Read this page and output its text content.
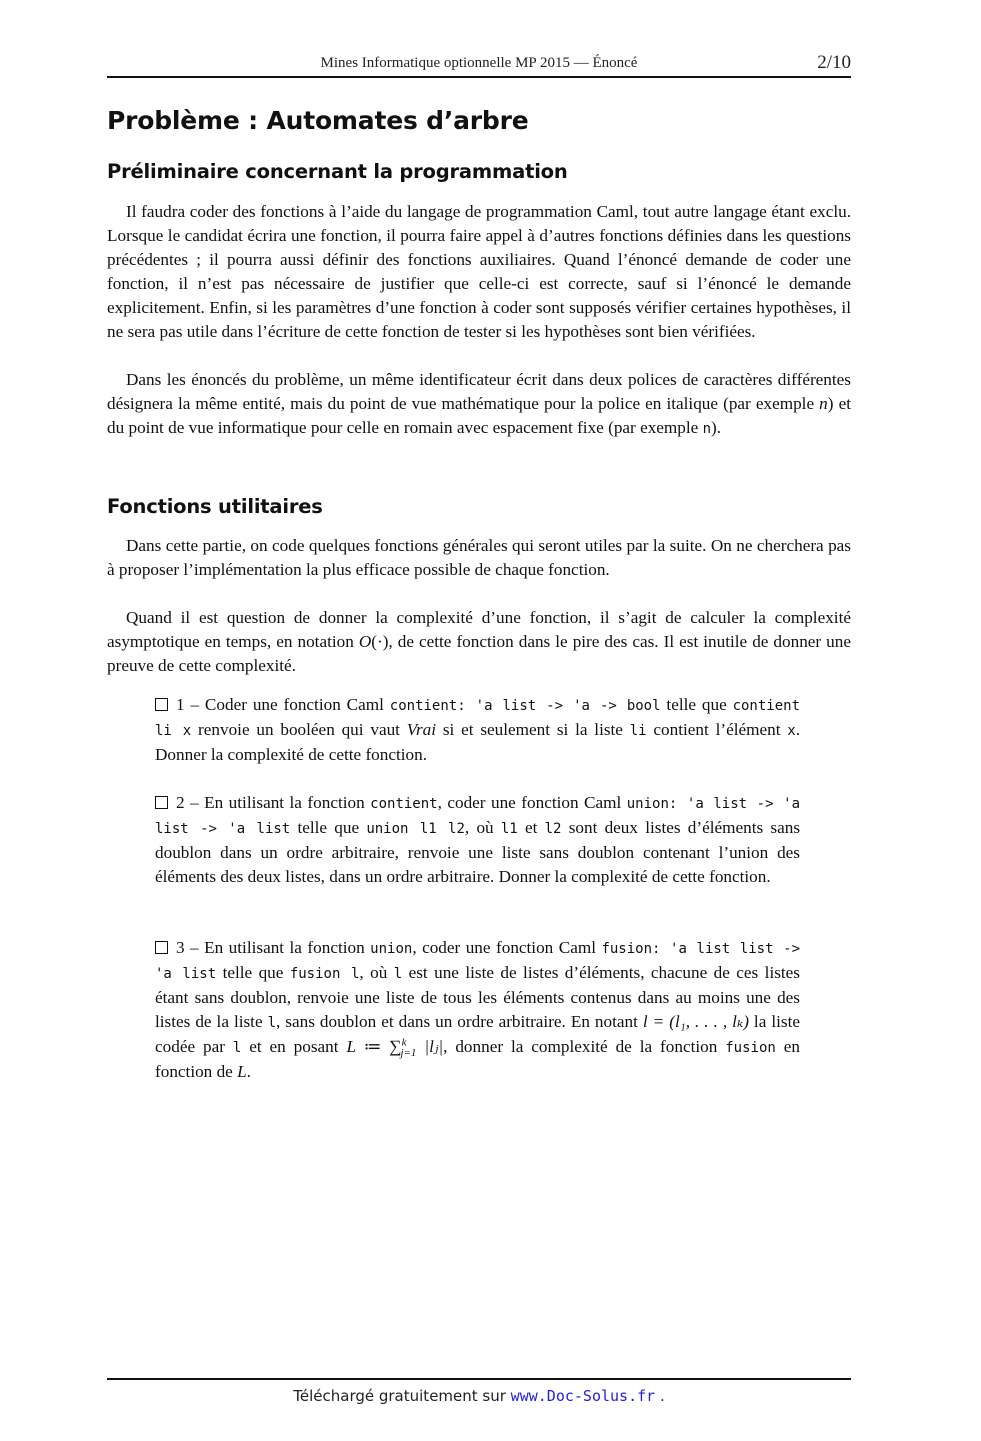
Mines Informatique optionnelle MP 2015 — Énoncé	2/10
Problème : Automates d’arbre
Préliminaire concernant la programmation

Il faudra coder des fonctions à l’aide du langage de programmation Caml, tout autre langage étant exclu. Lorsque le candidat écrira une fonction, il pourra faire appel à d’autres fonctions définies dans les questions précédentes ; il pourra aussi définir des fonctions auxiliaires. Quand l’énoncé demande de coder une fonction, il n’est pas nécessaire de justifier que celle-ci est correcte, sauf si l’énoncé le demande explicitement. Enfin, si les paramètres d’une fonction à coder sont supposés vérifier certaines hypothèses, il ne sera pas utile dans l’écriture de cette fonction de tester si les hypothèses sont bien vérifiées.

Dans les énoncés du problème, un même identificateur écrit dans deux polices de caractères différentes désignera la même entité, mais du point de vue mathématique pour la police en italique (par exemple n) et du point de vue informatique pour celle en romain avec espacement fixe (par exemple n).

Fonctions utilitaires

Dans cette partie, on code quelques fonctions générales qui seront utiles par la suite. On ne cherchera pas à proposer l’implémentation la plus efficace possible de chaque fonction.

Quand il est question de donner la complexité d’une fonction, il s’agit de calculer la complexité asymptotique en temps, en notation O(·), de cette fonction dans le pire des cas. Il est inutile de donner une preuve de cette complexité.

1 – Coder une fonction Caml contient: 'a list -> 'a -> bool telle que contient li x renvoie un booléen qui vaut Vrai si et seulement si la liste li contient l’élément x. Donner la complexité de cette fonction.

2 – En utilisant la fonction contient, coder une fonction Caml union: 'a list -> 'a list -> 'a list telle que union l1 l2, où l1 et l2 sont deux listes d’éléments sans doublon dans un ordre arbitraire, renvoie une liste sans doublon contenant l’union des éléments des deux listes, dans un ordre arbitraire. Donner la complexité de cette fonction.

3 – En utilisant la fonction union, coder une fonction Caml fusion: 'a list list -> 'a list telle que fusion l, où l est une liste de listes d’éléments, chacune de ces listes étant sans doublon, renvoie une liste de tous les éléments contenus dans au moins une des listes de la liste l, sans doublon et dans un ordre arbitraire. En notant l = (l₁, . . . , lₖ) la liste codée par l et en posant L ≔ ∑$^k_{j=1}$ |lⱼ|, donner la complexité de la fonction fusion en fonction de L.

Téléchargé gratuitement sur www.Doc-Solus.fr .
